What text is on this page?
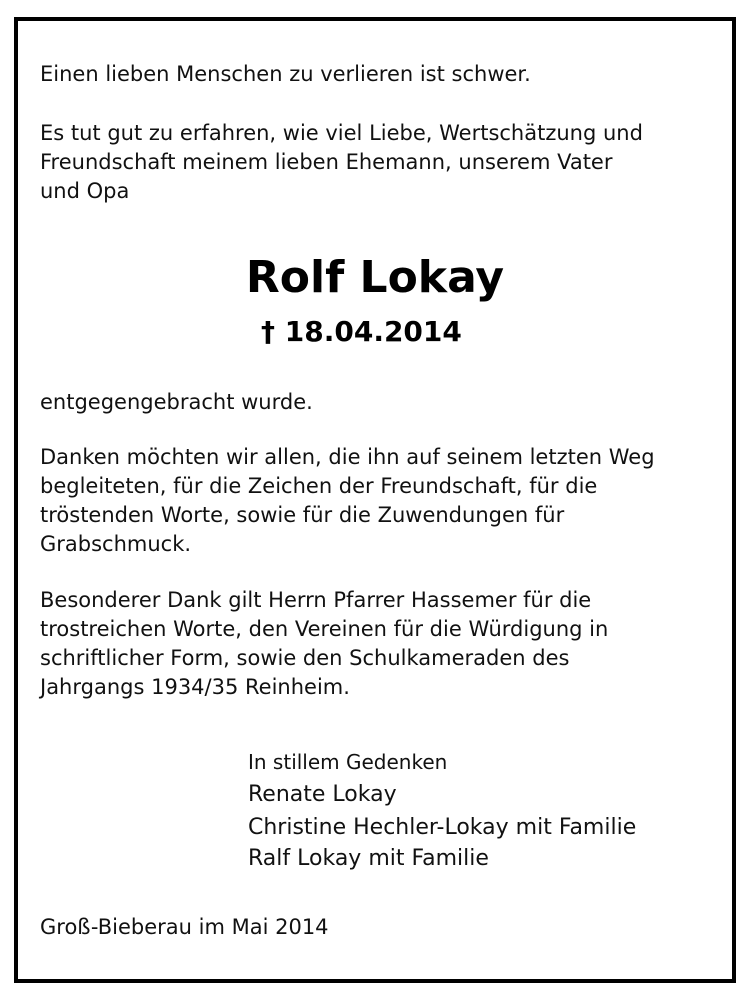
Einen lieben Menschen zu verlieren ist schwer.

Es tut gut zu erfahren, wie viel Liebe, Wertschätzung und

Freundschaft meinem lieben Ehemann, unserem Vater

und Opa

Rolf Lokay

† 18.04.2014

entgegengebracht wurde.

Danken möchten wir allen, die ihn auf seinem letzten Weg

begleiteten, für die Zeichen der Freundschaft, für die

tröstenden Worte, sowie für die Zuwendungen für

Grabschmuck.

Besonderer Dank gilt Herrn Pfarrer Hassemer für die

trostreichen Worte, den Vereinen für die Würdigung in

schriftlicher Form, sowie den Schulkameraden des

Jahrgangs 1934/35 Reinheim.

In stillem Gedenken

Renate Lokay

Christine Hechler-Lokay mit Familie

Ralf Lokay mit Familie

Groß-Bieberau im Mai 2014
